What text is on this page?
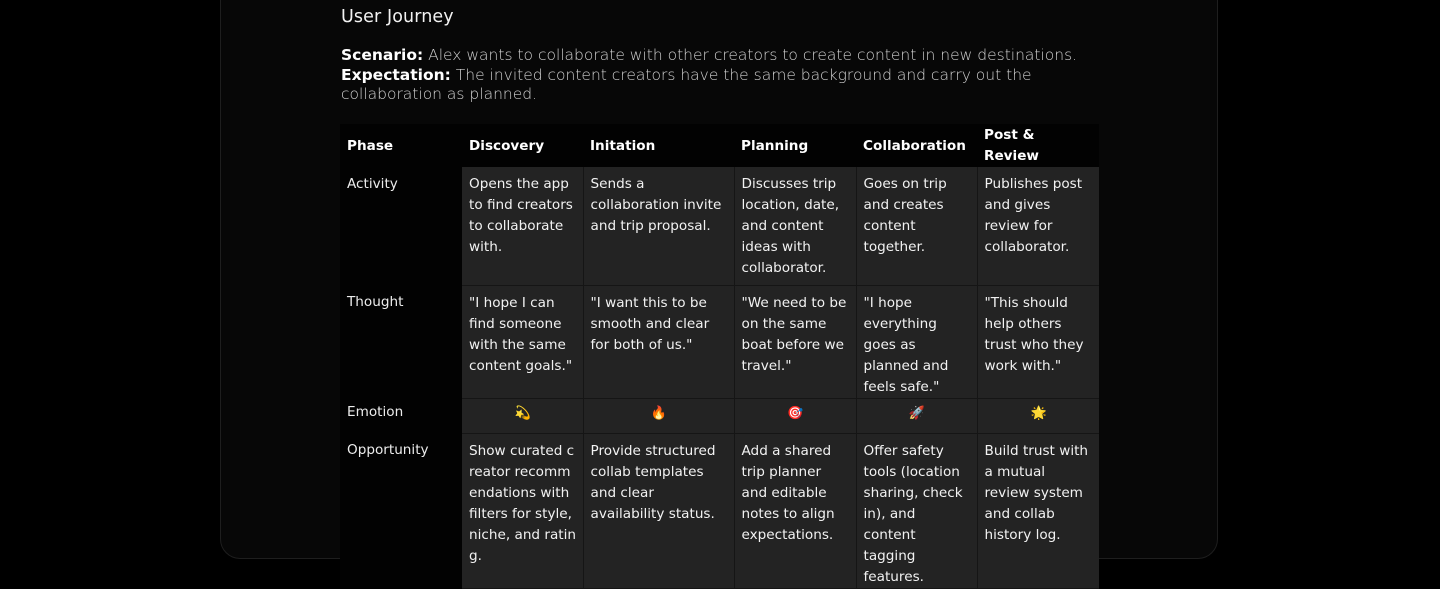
User Journey

Scenario: Alex wants to collaborate with other creators to create content in new destinations.

Expectation: The invited content creators have the same background and carry out the collaboration as planned.

Phase	Discovery	Initation	Planning	Collaboration	Post & Review
Activity	Opens the app to find creators to collaborate with.	Sends a collaboration invite and trip proposal.	Discusses trip location, date, and content ideas with collaborator.	Goes on trip and creates content together.	Publishes post and gives review for collaborator.
Thought	"I hope I can find someone with the same content goals."	"I want this to be smooth and clear for both of us."	"We need to be on the same boat before we travel."	"I hope everything goes as planned and feels safe."	"This should help others trust who they work with."
Emotion	💫	🔥	🎯	🚀	🌟
Opportunity	Show curated creator recommendations with filters for style, niche, and rating.	Provide structured collab templates and clear availability status.	Add a shared trip planner and editable notes to align expectations.	Offer safety tools (location sharing, check in), and content tagging features.	Build trust with a mutual review system and collab history log.
